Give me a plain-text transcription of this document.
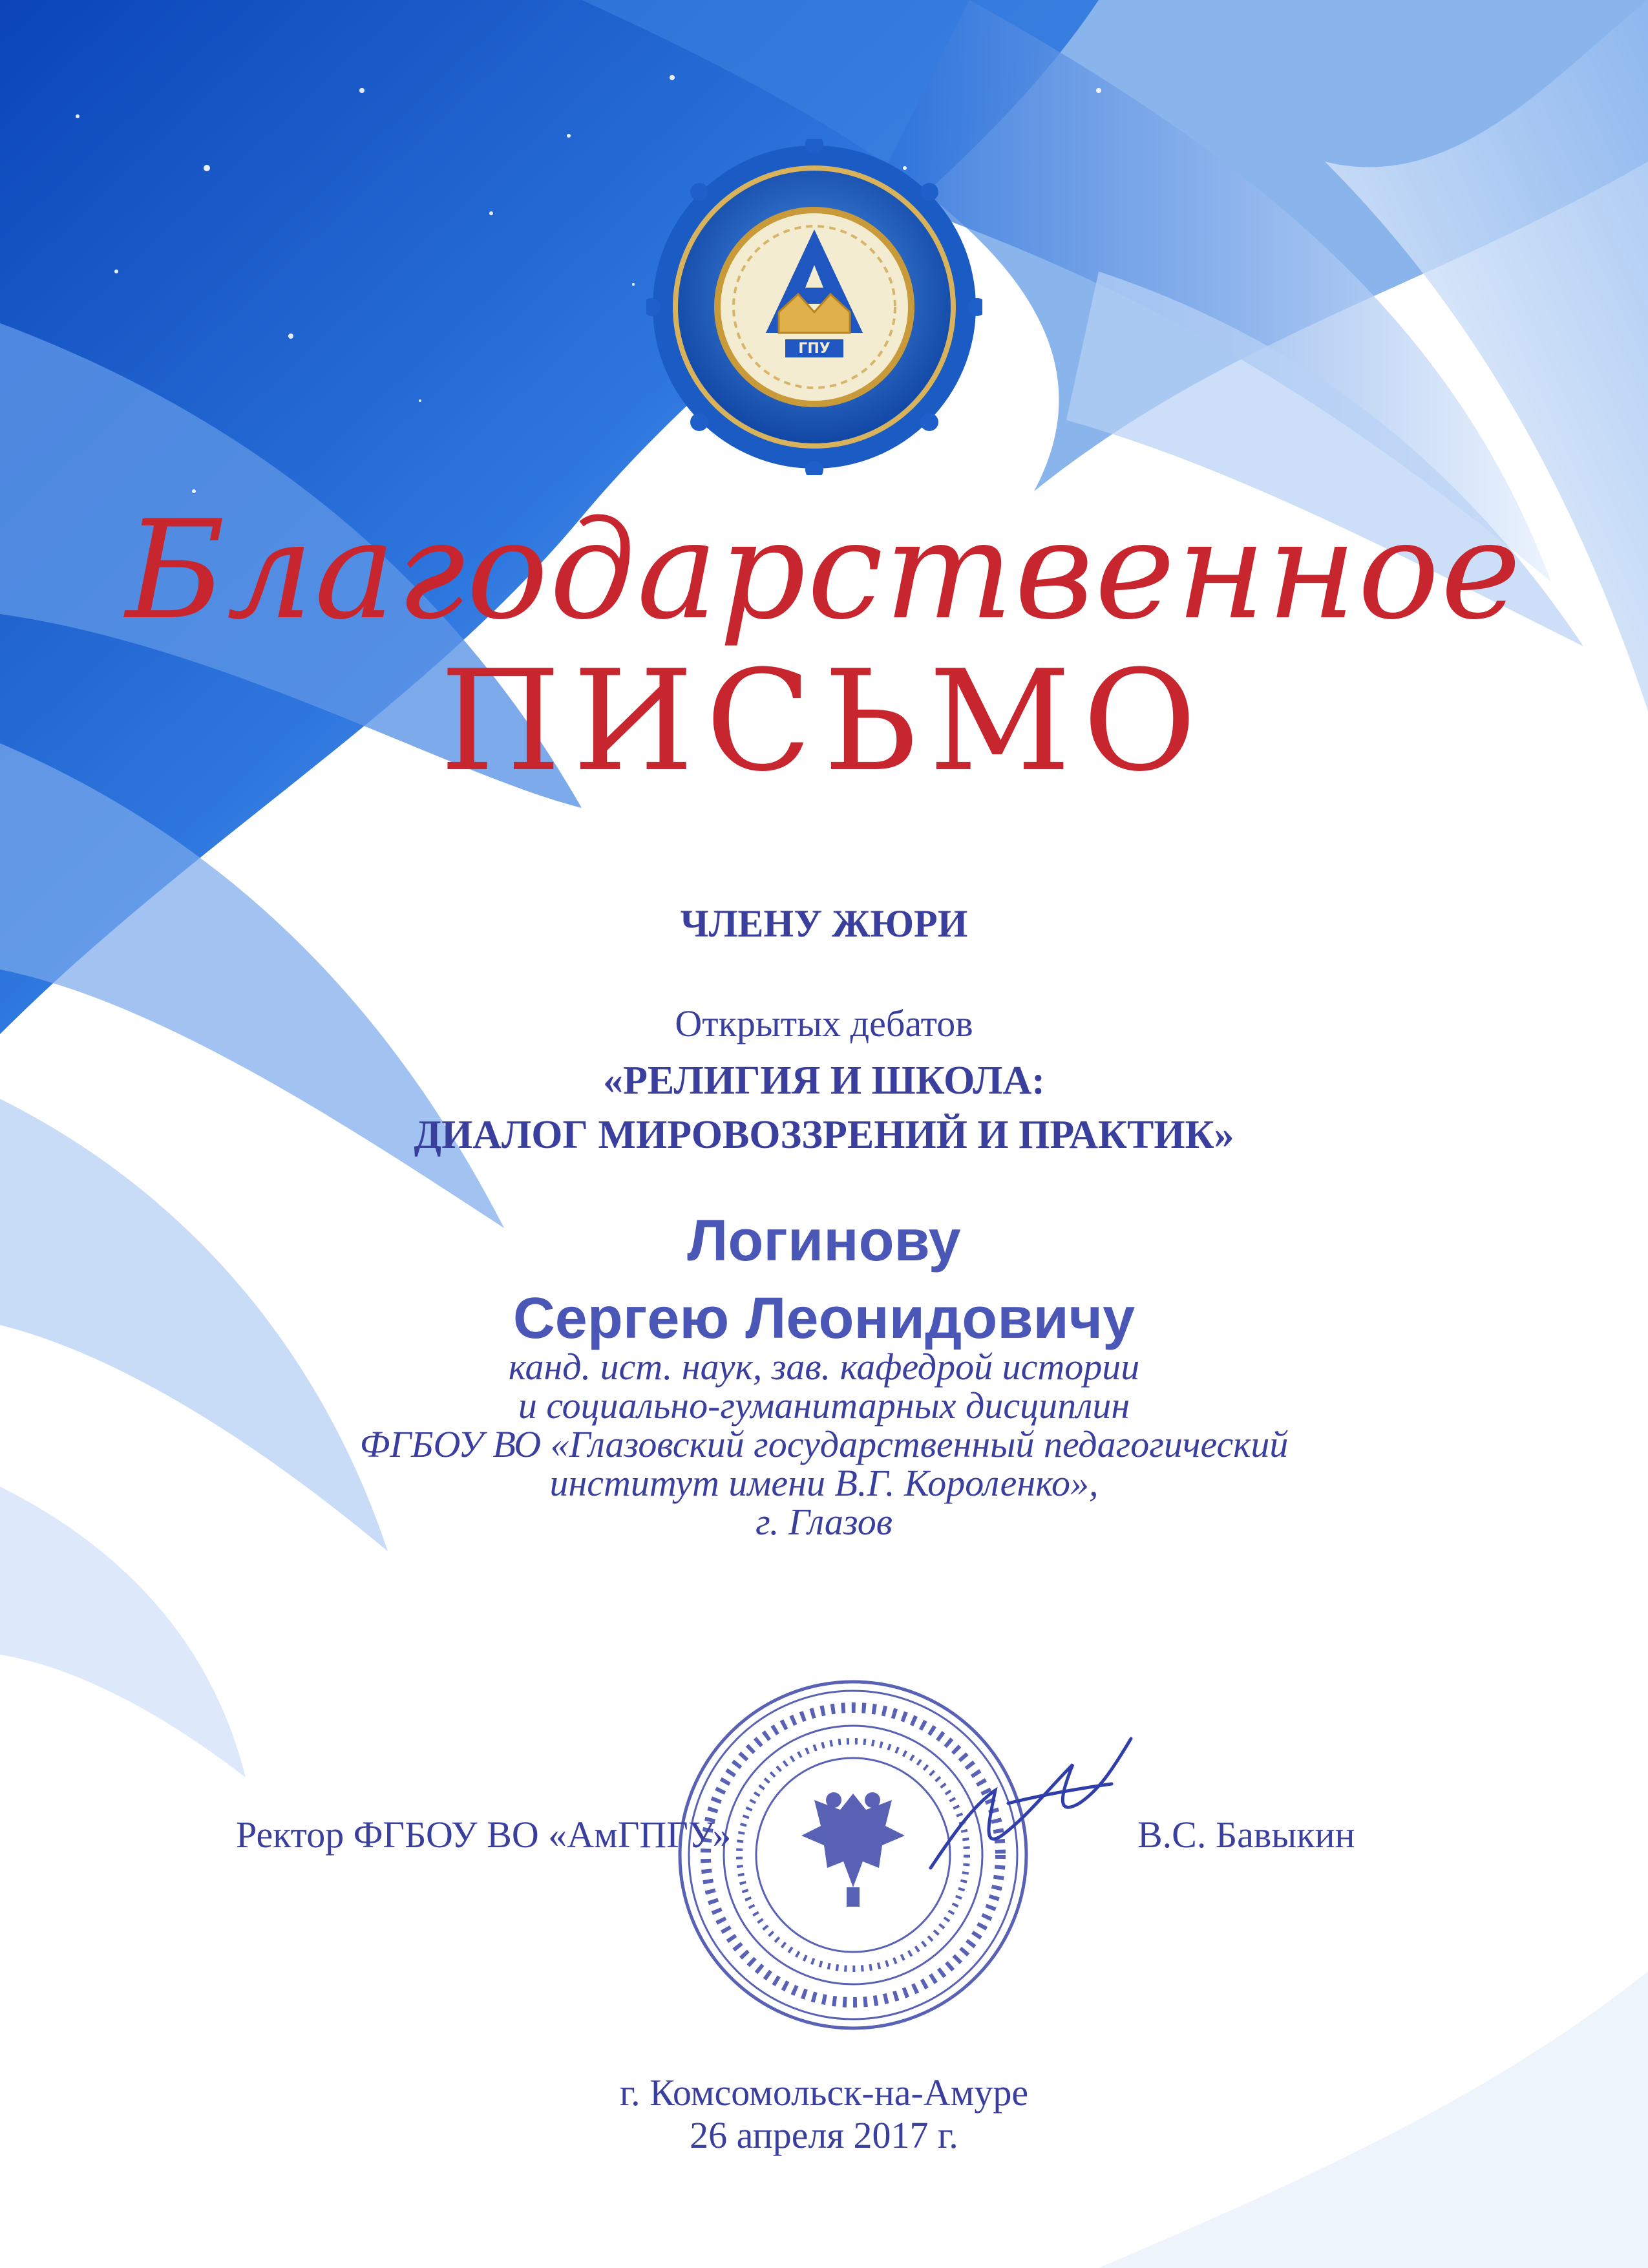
ГПУ
Благодарственное
ПИСЬМО
ЧЛЕНУ ЖЮРИ
Открытых дебатов
«РЕЛИГИЯ И ШКОЛА:
ДИАЛОГ МИРОВОЗЗРЕНИЙ И ПРАКТИК»
Логинову
Сергею Леонидовичу
канд. ист. наук, зав. кафедрой истории
и социально-гуманитарных дисциплин
ФГБОУ ВО «Глазовский государственный педагогический
институт имени В.Г. Короленко»,
г. Глазов
Ректор ФГБОУ ВО «АмГПГУ»	В.С. Бавыкин
г. Комсомольск-на-Амуре
26 апреля 2017 г.
